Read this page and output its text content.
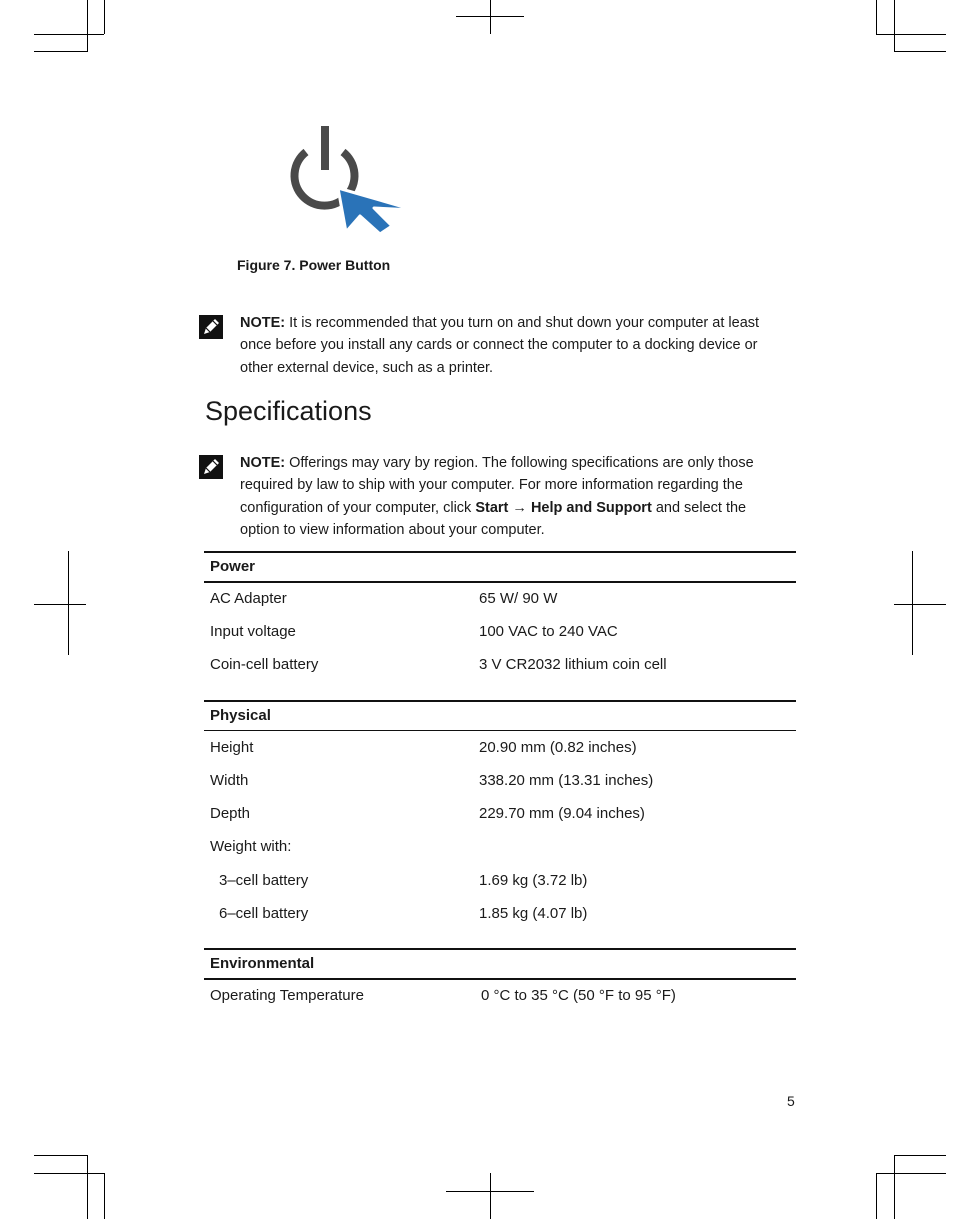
Figure 7. Power Button
NOTE: It is recommended that you turn on and shut down your computer at least once before you install any cards or connect the computer to a docking device or other external device, such as a printer.
Specifications
NOTE: Offerings may vary by region. The following specifications are only those required by law to ship with your computer. For more information regarding the configuration of your computer, click Start → Help and Support and select the option to view information about your computer.
Power
AC Adapter	65 W/ 90 W
Input voltage	100 VAC to 240 VAC
Coin-cell battery	3 V CR2032 lithium coin cell
Physical
Height	20.90 mm (0.82 inches)
Width	338.20 mm (13.31 inches)
Depth	229.70 mm (9.04 inches)
Weight with:
3–cell battery	1.69 kg (3.72 lb)
6–cell battery	1.85 kg (4.07 lb)
Environmental
Operating Temperature	0 °C to 35 °C (50 °F to 95 °F)
5
